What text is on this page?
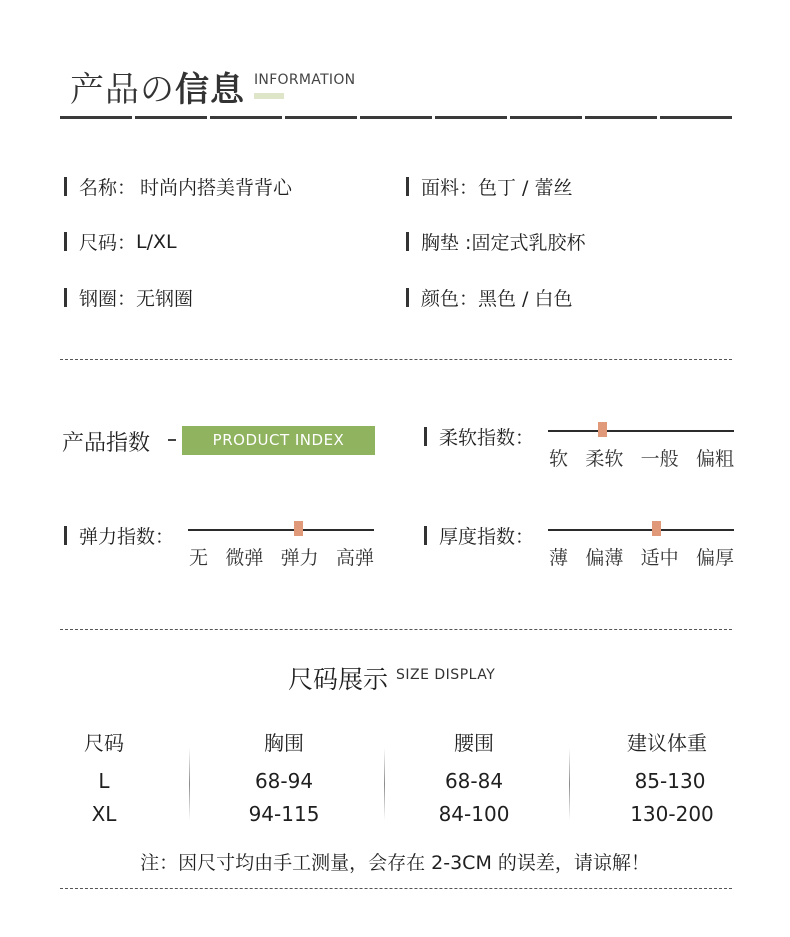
产品の信息 INFORMATION
名称： 时尚内搭美背背心	面料： 色丁 / 蕾丝
尺码： L/XL	胸垫 : 固定式乳胶杯
钢圈： 无钢圈	颜色： 黑色 / 白色
产品指数	PRODUCT INDEX	柔软指数：
软 柔软 一般 偏粗
弹力指数：
无 微弹 弹力 高弹
厚度指数：
薄 偏薄 适中 偏厚
尺码展示 SIZE DISPLAY
尺码	胸围	腰围	建议体重
L	68-94	68-84	85-130
XL	94-115	84-100	130-200
注：因尺寸均由手工测量，会存在 2-3CM 的误差，请谅解！
